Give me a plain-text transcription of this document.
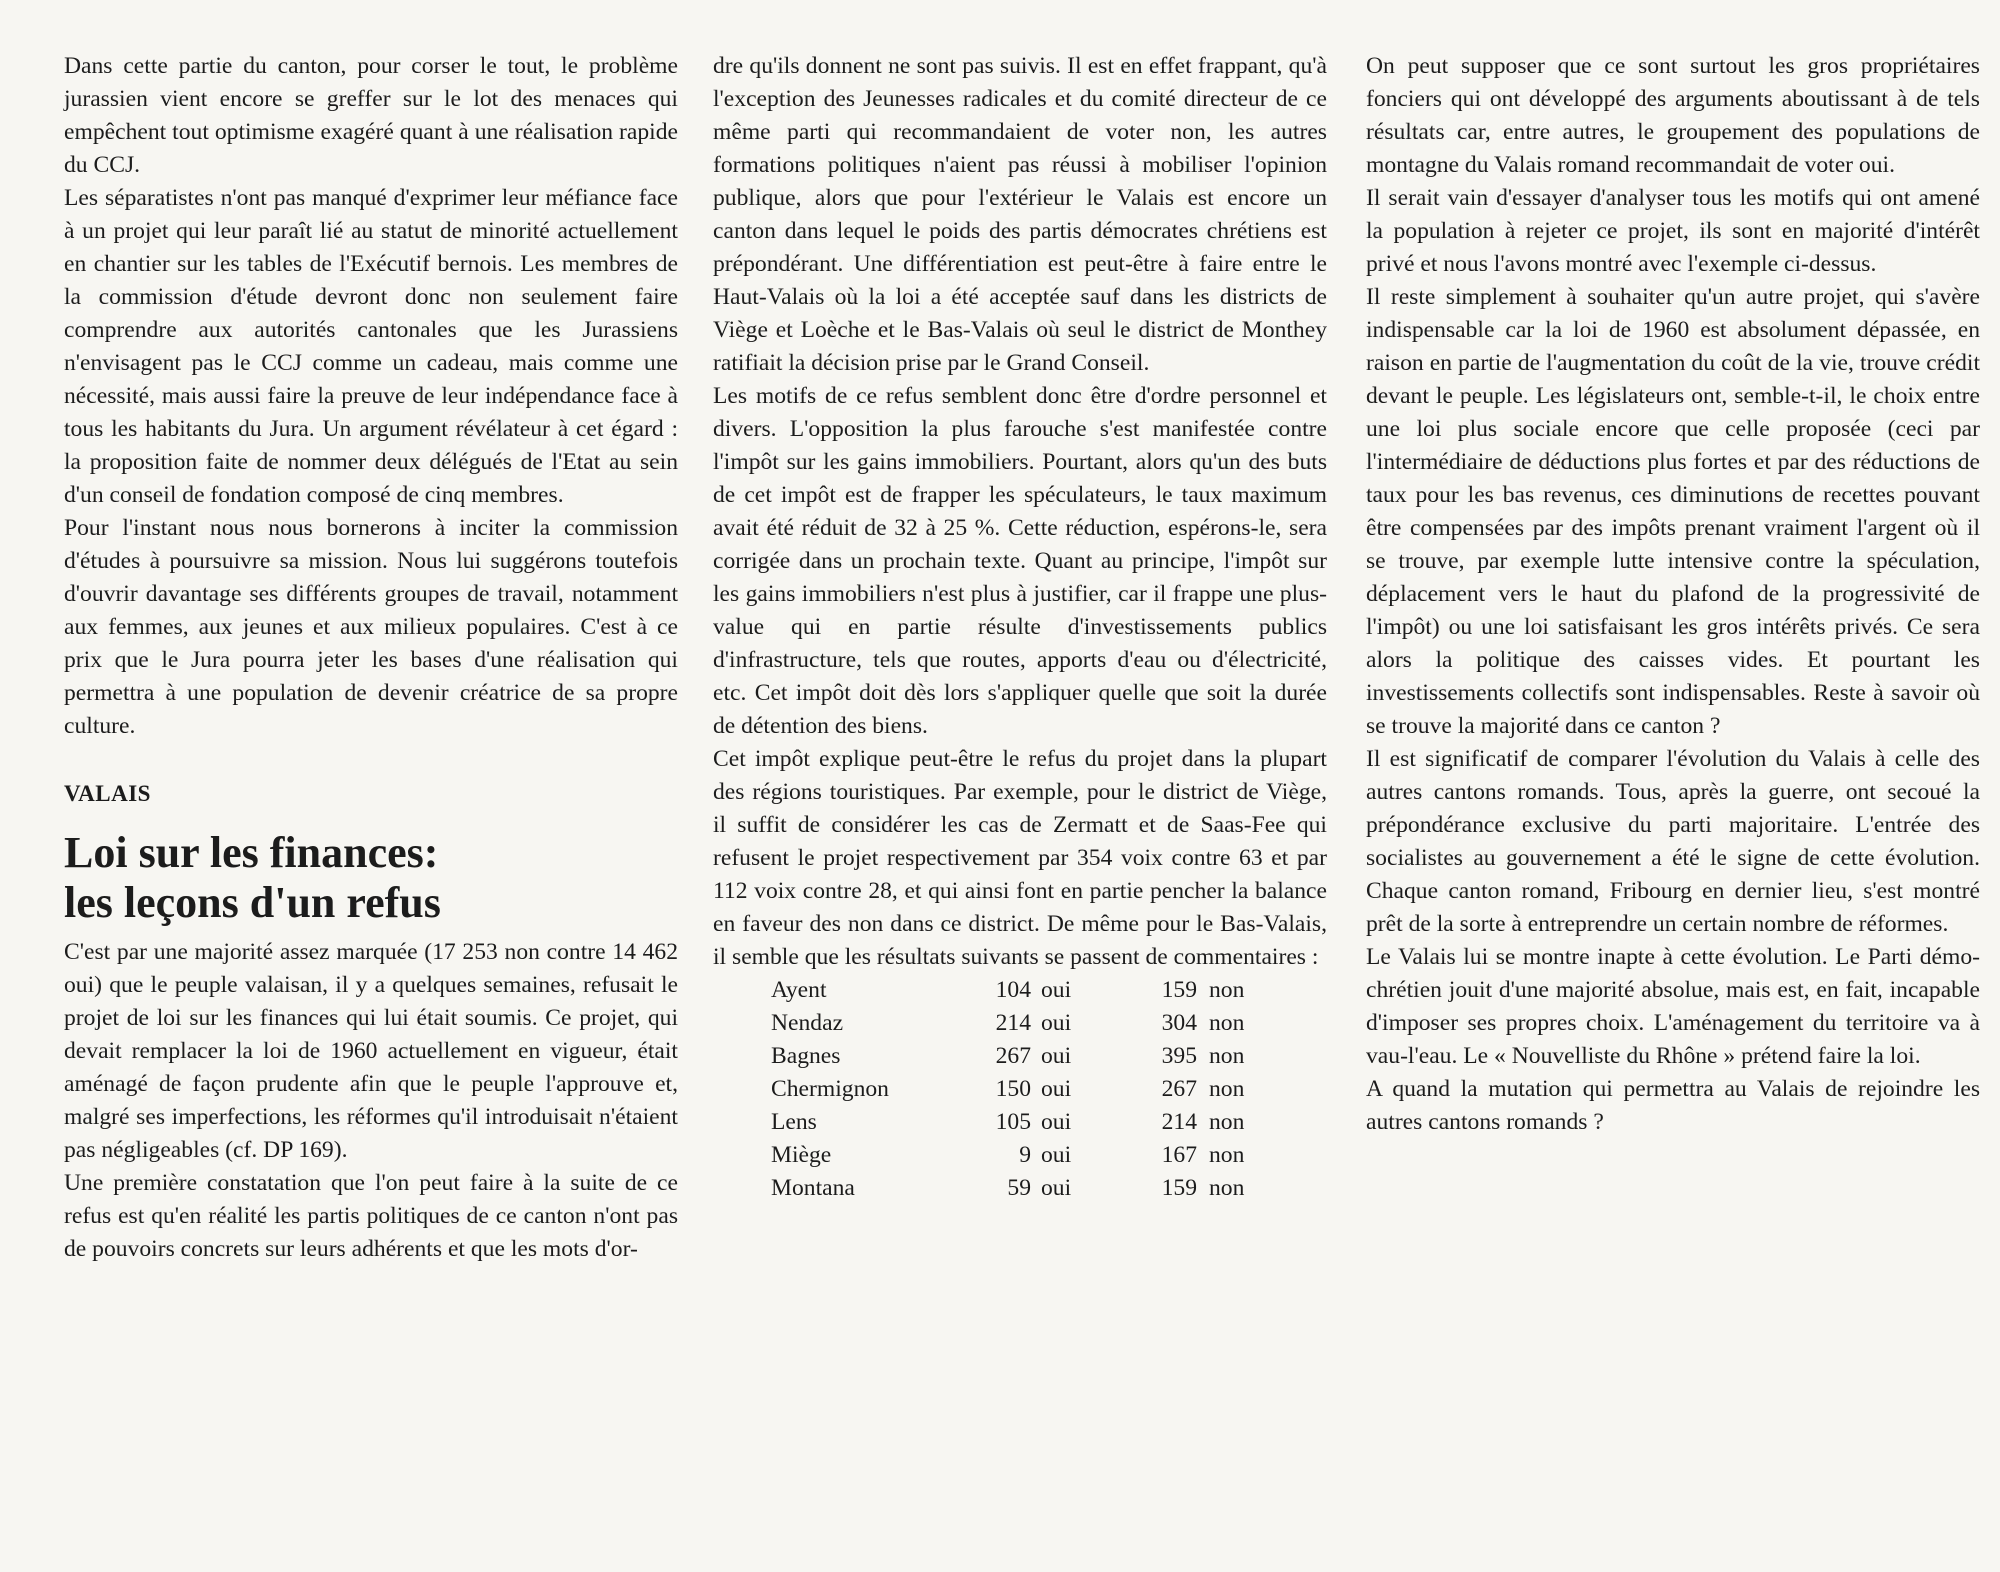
Dans cette partie du canton, pour corser le tout, le problème jurassien vient encore se greffer sur le lot des menaces qui empêchent tout optimisme exagéré quant à une réalisation rapide du CCJ.

Les séparatistes n'ont pas manqué d'exprimer leur méfiance face à un projet qui leur paraît lié au statut de minorité actuellement en chantier sur les tables de l'Exécutif bernois. Les membres de la commission d'étude devront donc non seulement faire comprendre aux autorités cantonales que les Jurassiens n'envisagent pas le CCJ comme un cadeau, mais comme une nécessité, mais aussi faire la preuve de leur indépendance face à tous les habitants du Jura. Un argument révélateur à cet égard : la proposition faite de nommer deux délégués de l'Etat au sein d'un conseil de fondation composé de cinq membres.

Pour l'instant nous nous bornerons à inciter la commission d'études à poursuivre sa mission. Nous lui suggérons toutefois d'ouvrir davantage ses différents groupes de travail, notamment aux femmes, aux jeunes et aux milieux populaires. C'est à ce prix que le Jura pourra jeter les bases d'une réalisation qui permettra à une population de devenir créatrice de sa propre culture.

VALAIS

Loi sur les finances:
les leçons d'un refus

C'est par une majorité assez marquée (17 253 non contre 14 462 oui) que le peuple valaisan, il y a quelques semaines, refusait le projet de loi sur les finances qui lui était soumis. Ce projet, qui devait remplacer la loi de 1960 actuellement en vigueur, était aménagé de façon prudente afin que le peuple l'approuve et, malgré ses imperfections, les réformes qu'il introduisait n'étaient pas négligeables (cf. DP 169).

Une première constatation que l'on peut faire à la suite de ce refus est qu'en réalité les partis politiques de ce canton n'ont pas de pouvoirs concrets sur leurs adhérents et que les mots d'or-

dre qu'ils donnent ne sont pas suivis. Il est en effet frappant, qu'à l'exception des Jeunesses radicales et du comité directeur de ce même parti qui recommandaient de voter non, les autres formations politiques n'aient pas réussi à mobiliser l'opinion publique, alors que pour l'extérieur le Valais est encore un canton dans lequel le poids des partis démocrates chrétiens est prépondérant. Une différentiation est peut-être à faire entre le Haut-Valais où la loi a été acceptée sauf dans les districts de Viège et Loèche et le Bas-Valais où seul le district de Monthey ratifiait la décision prise par le Grand Conseil.

Les motifs de ce refus semblent donc être d'ordre personnel et divers. L'opposition la plus farouche s'est manifestée contre l'impôt sur les gains immobiliers. Pourtant, alors qu'un des buts de cet impôt est de frapper les spéculateurs, le taux maximum avait été réduit de 32 à 25 %. Cette réduction, espérons-le, sera corrigée dans un prochain texte. Quant au principe, l'impôt sur les gains immobiliers n'est plus à justifier, car il frappe une plus-value qui en partie résulte d'investissements publics d'infrastructure, tels que routes, apports d'eau ou d'électricité, etc. Cet impôt doit dès lors s'appliquer quelle que soit la durée de détention des biens.

Cet impôt explique peut-être le refus du projet dans la plupart des régions touristiques. Par exemple, pour le district de Viège, il suffit de considérer les cas de Zermatt et de Saas-Fee qui refusent le projet respectivement par 354 voix contre 63 et par 112 voix contre 28, et qui ainsi font en partie pencher la balance en faveur des non dans ce district. De même pour le Bas-Valais, il semble que les résultats suivants se passent de commentaires :

Ayent	104	oui	159	non
Nendaz	214	oui	304	non
Bagnes	267	oui	395	non
Chermignon	150	oui	267	non
Lens	105	oui	214	non
Miège	9	oui	167	non
Montana	59	oui	159	non

On peut supposer que ce sont surtout les gros propriétaires fonciers qui ont développé des arguments aboutissant à de tels résultats car, entre autres, le groupement des populations de montagne du Valais romand recommandait de voter oui.

Il serait vain d'essayer d'analyser tous les motifs qui ont amené la population à rejeter ce projet, ils sont en majorité d'intérêt privé et nous l'avons montré avec l'exemple ci-dessus.

Il reste simplement à souhaiter qu'un autre projet, qui s'avère indispensable car la loi de 1960 est absolument dépassée, en raison en partie de l'augmentation du coût de la vie, trouve crédit devant le peuple. Les législateurs ont, semble-t-il, le choix entre une loi plus sociale encore que celle proposée (ceci par l'intermédiaire de déductions plus fortes et par des réductions de taux pour les bas revenus, ces diminutions de recettes pouvant être compensées par des impôts prenant vraiment l'argent où il se trouve, par exemple lutte intensive contre la spéculation, déplacement vers le haut du plafond de la progressivité de l'impôt) ou une loi satisfaisant les gros intérêts privés. Ce sera alors la politique des caisses vides. Et pourtant les investissements collectifs sont indispensables. Reste à savoir où se trouve la majorité dans ce canton ?

Il est significatif de comparer l'évolution du Valais à celle des autres cantons romands. Tous, après la guerre, ont secoué la prépondérance exclusive du parti majoritaire. L'entrée des socialistes au gouvernement a été le signe de cette évolution. Chaque canton romand, Fribourg en dernier lieu, s'est montré prêt de la sorte à entreprendre un certain nombre de réformes.

Le Valais lui se montre inapte à cette évolution. Le Parti démo-chrétien jouit d'une majorité absolue, mais est, en fait, incapable d'imposer ses propres choix. L'aménagement du territoire va à vau-l'eau. Le « Nouvelliste du Rhône » prétend faire la loi.

A quand la mutation qui permettra au Valais de rejoindre les autres cantons romands ?
